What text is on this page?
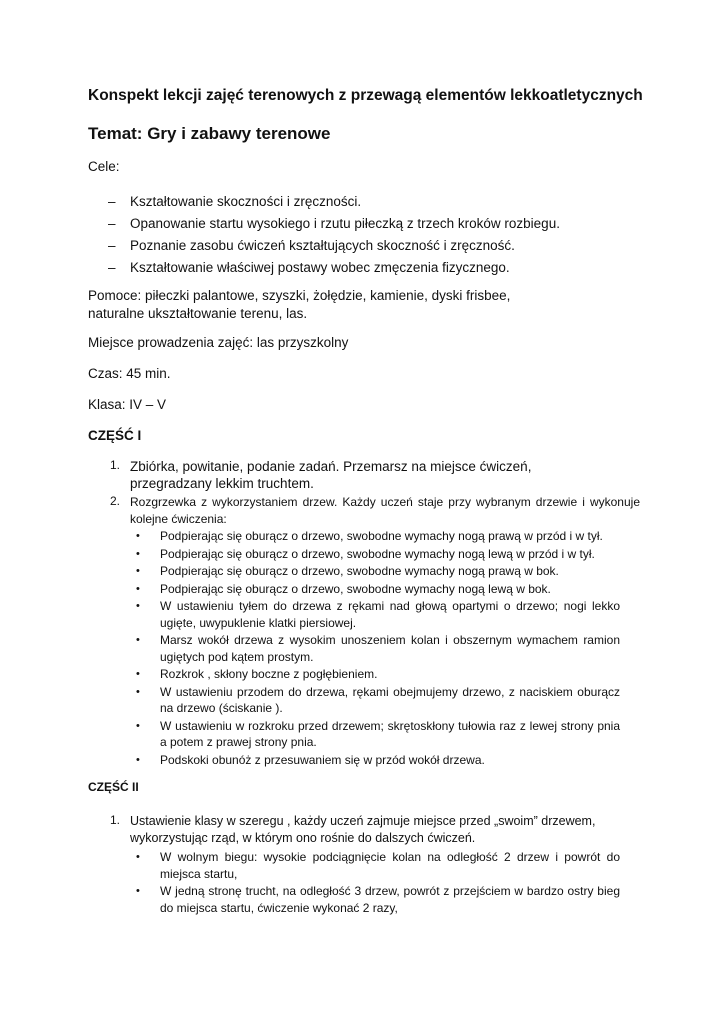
Konspekt lekcji zajęć terenowych z przewagą elementów lekkoatletycznych
Temat: Gry i zabawy terenowe

Cele:

– Kształtowanie skoczności i zręczności.
– Opanowanie startu wysokiego i rzutu piłeczką z trzech kroków rozbiegu.
– Poznanie zasobu ćwiczeń kształtujących skoczność i zręczność.
– Kształtowanie właściwej postawy wobec zmęczenia fizycznego.

Pomoce: piłeczki palantowe, szyszki, żołędzie, kamienie, dyski frisbee, naturalne ukształtowanie terenu, las.

Miejsce prowadzenia zajęć: las przyszkolny

Czas: 45 min.

Klasa: IV – V

CZĘŚĆ I

1. Zbiórka, powitanie, podanie zadań. Przemarsz na miejsce ćwiczeń, przegradzany lekkim truchtem.
2. Rozgrzewka z wykorzystaniem drzew. Każdy uczeń staje przy wybranym drzewie i wykonuje kolejne ćwiczenia:
• Podpierając się oburącz o drzewo, swobodne wymachy nogą prawą w przód i w tył.
• Podpierając się oburącz o drzewo, swobodne wymachy nogą lewą w przód i w tył.
• Podpierając się oburącz o drzewo, swobodne wymachy nogą prawą w bok.
• Podpierając się oburącz o drzewo, swobodne wymachy nogą lewą w bok.
• W ustawieniu tyłem do drzewa z rękami nad głową opartymi o drzewo; nogi lekko ugięte, uwypuklenie klatki piersiowej.
• Marsz wokół drzewa z wysokim unoszeniem kolan i obszernym wymachem ramion ugiętych pod kątem prostym.
• Rozkrok , skłony boczne z pogłębieniem.
• W ustawieniu przodem do drzewa, rękami obejmujemy drzewo, z naciskiem oburącz na drzewo (ściskanie ).
• W ustawieniu w rozkroku przed drzewem; skrętoskłony tułowia raz z lewej strony pnia a potem z prawej strony pnia.
• Podskoki obunóż z przesuwaniem się w przód wokół drzewa.

CZĘŚĆ II

1. Ustawienie klasy w szeregu , każdy uczeń zajmuje miejsce przed „swoim” drzewem, wykorzystując rząd, w którym ono rośnie do dalszych ćwiczeń.
• W wolnym biegu: wysokie podciągnięcie kolan na odległość 2 drzew i powrót do miejsca startu,
• W jedną stronę trucht, na odległość 3 drzew, powrót z przejściem w bardzo ostry bieg do miejsca startu, ćwiczenie wykonać 2 razy,
